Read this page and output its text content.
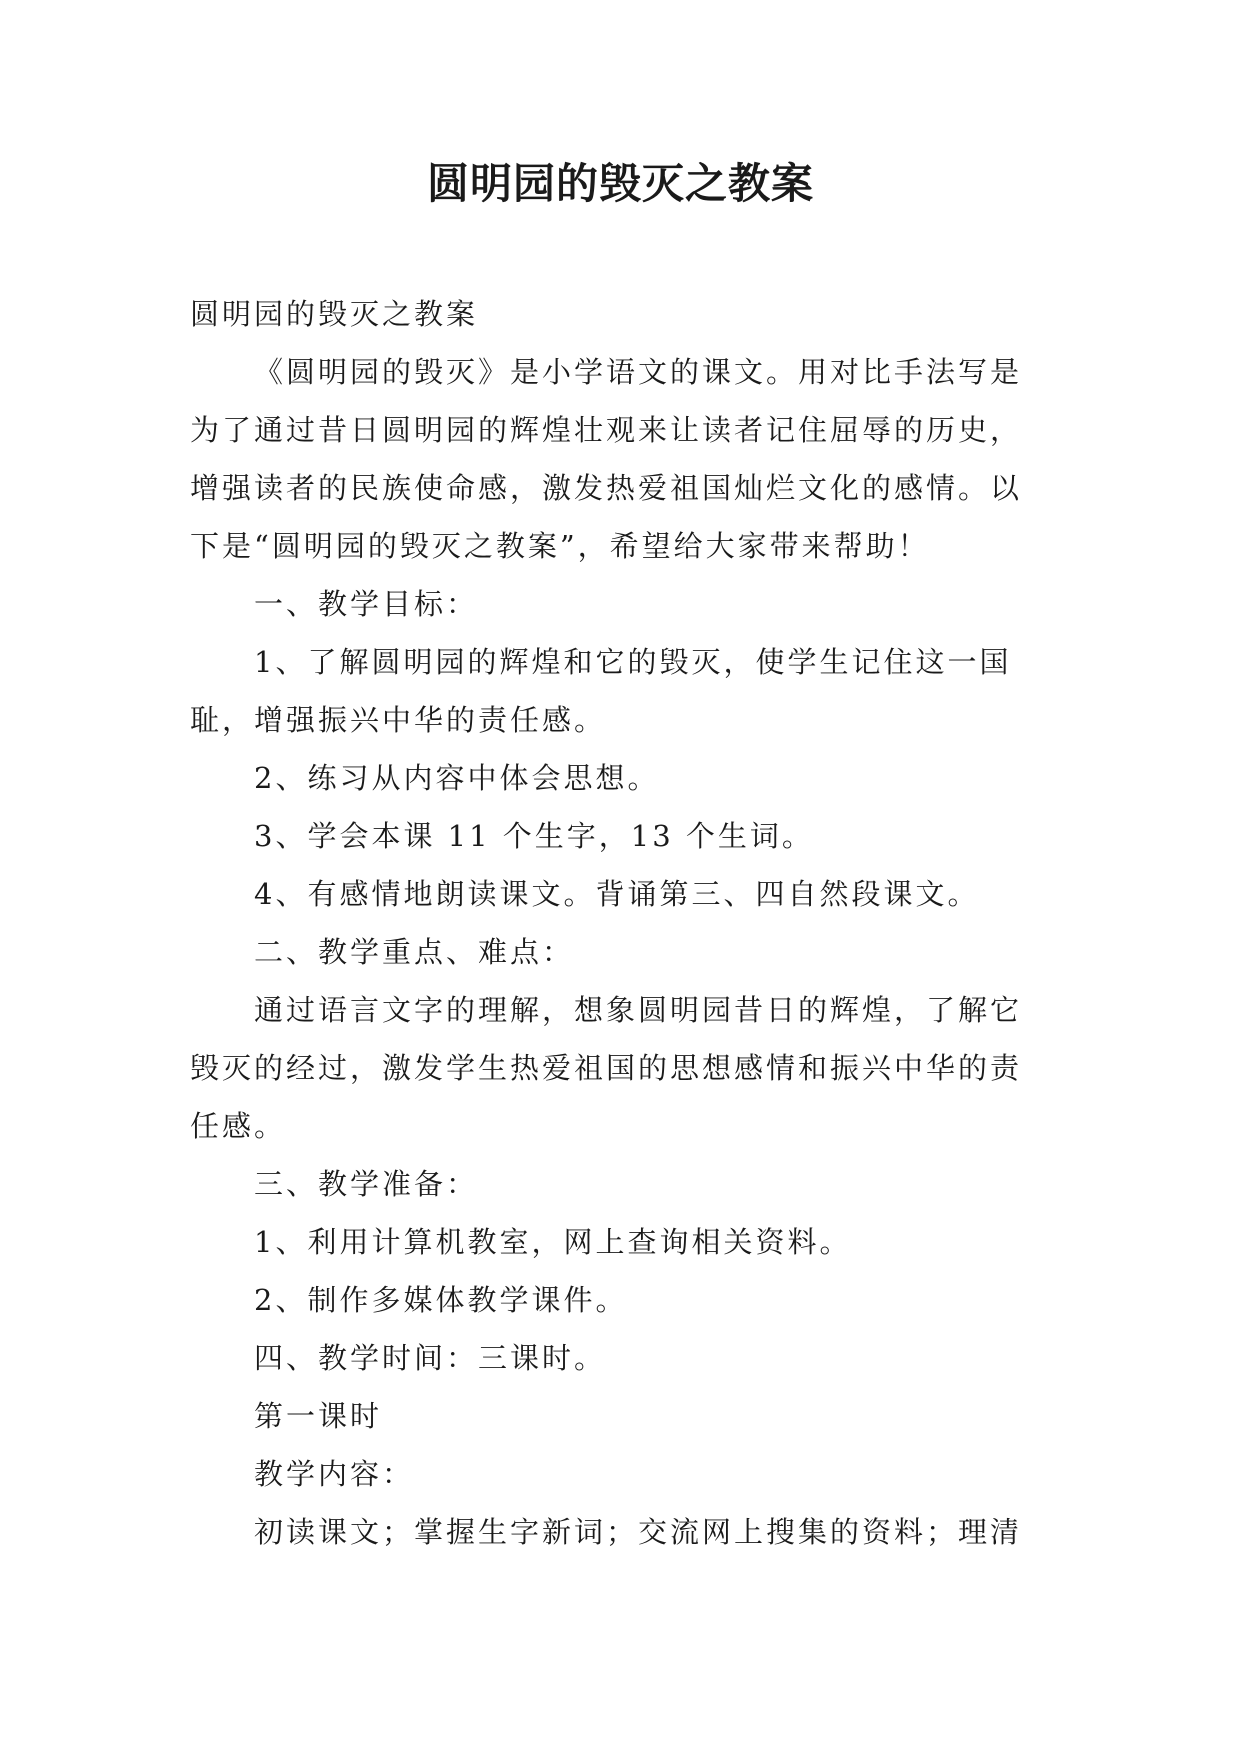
圆明园的毁灭之教案

圆明园的毁灭之教案

《圆明园的毁灭》是小学语文的课文。用对比手法写是
为了通过昔日圆明园的辉煌壮观来让读者记住屈辱的历史，
增强读者的民族使命感，激发热爱祖国灿烂文化的感情。以
下是“圆明园的毁灭之教案”，希望给大家带来帮助！

一、教学目标：

1、了解圆明园的辉煌和它的毁灭，使学生记住这一国
耻，增强振兴中华的责任感。

2、练习从内容中体会思想。

3、学会本课 11 个生字，13 个生词。

4、有感情地朗读课文。背诵第三、四自然段课文。

二、教学重点、难点：

通过语言文字的理解，想象圆明园昔日的辉煌，了解它
毁灭的经过，激发学生热爱祖国的思想感情和振兴中华的责
任感。

三、教学准备：

1、利用计算机教室，网上查询相关资料。

2、制作多媒体教学课件。

四、教学时间：三课时。

第一课时

教学内容：

初读课文；掌握生字新词；交流网上搜集的资料；理清
